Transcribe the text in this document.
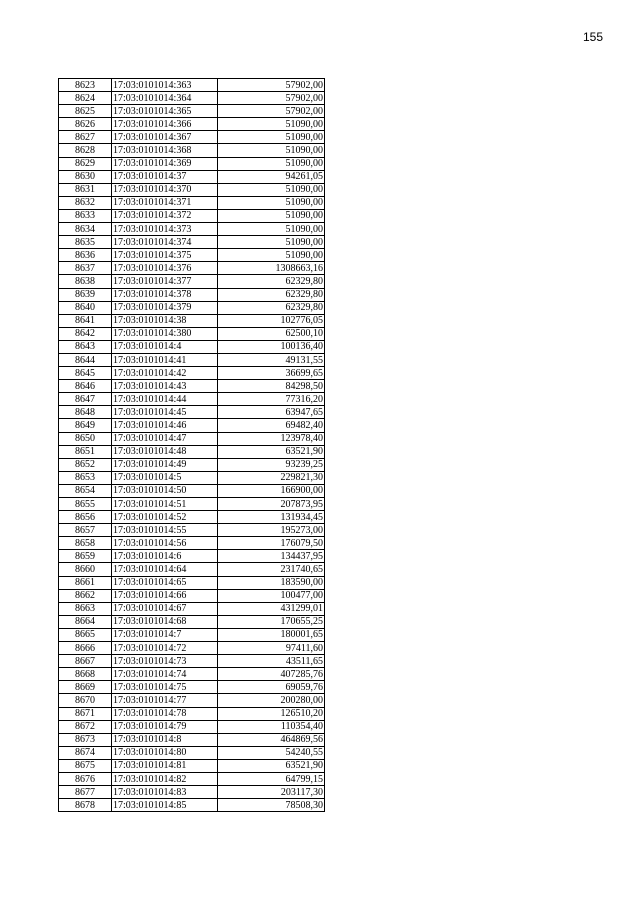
155
8623	17:03:0101014:363	57902,00
8624	17:03:0101014:364	57902,00
8625	17:03:0101014:365	57902,00
8626	17:03:0101014:366	51090,00
8627	17:03:0101014:367	51090,00
8628	17:03:0101014:368	51090,00
8629	17:03:0101014:369	51090,00
8630	17:03:0101014:37	94261,05
8631	17:03:0101014:370	51090,00
8632	17:03:0101014:371	51090,00
8633	17:03:0101014:372	51090,00
8634	17:03:0101014:373	51090,00
8635	17:03:0101014:374	51090,00
8636	17:03:0101014:375	51090,00
8637	17:03:0101014:376	1308663,16
8638	17:03:0101014:377	62329,80
8639	17:03:0101014:378	62329,80
8640	17:03:0101014:379	62329,80
8641	17:03:0101014:38	102776,05
8642	17:03:0101014:380	62500,10
8643	17:03:0101014:4	100136,40
8644	17:03:0101014:41	49131,55
8645	17:03:0101014:42	36699,65
8646	17:03:0101014:43	84298,50
8647	17:03:0101014:44	77316,20
8648	17:03:0101014:45	63947,65
8649	17:03:0101014:46	69482,40
8650	17:03:0101014:47	123978,40
8651	17:03:0101014:48	63521,90
8652	17:03:0101014:49	93239,25
8653	17:03:0101014:5	229821,30
8654	17:03:0101014:50	166900,00
8655	17:03:0101014:51	207873,95
8656	17:03:0101014:52	131934,45
8657	17:03:0101014:55	195273,00
8658	17:03:0101014:56	176079,50
8659	17:03:0101014:6	134437,95
8660	17:03:0101014:64	231740,65
8661	17:03:0101014:65	183590,00
8662	17:03:0101014:66	100477,00
8663	17:03:0101014:67	431299,01
8664	17:03:0101014:68	170655,25
8665	17:03:0101014:7	180001,65
8666	17:03:0101014:72	97411,60
8667	17:03:0101014:73	43511,65
8668	17:03:0101014:74	407285,76
8669	17:03:0101014:75	69059,76
8670	17:03:0101014:77	200280,00
8671	17:03:0101014:78	126510,20
8672	17:03:0101014:79	110354,40
8673	17:03:0101014:8	464869,56
8674	17:03:0101014:80	54240,55
8675	17:03:0101014:81	63521,90
8676	17:03:0101014:82	64799,15
8677	17:03:0101014:83	203117,30
8678	17:03:0101014:85	78508,30
